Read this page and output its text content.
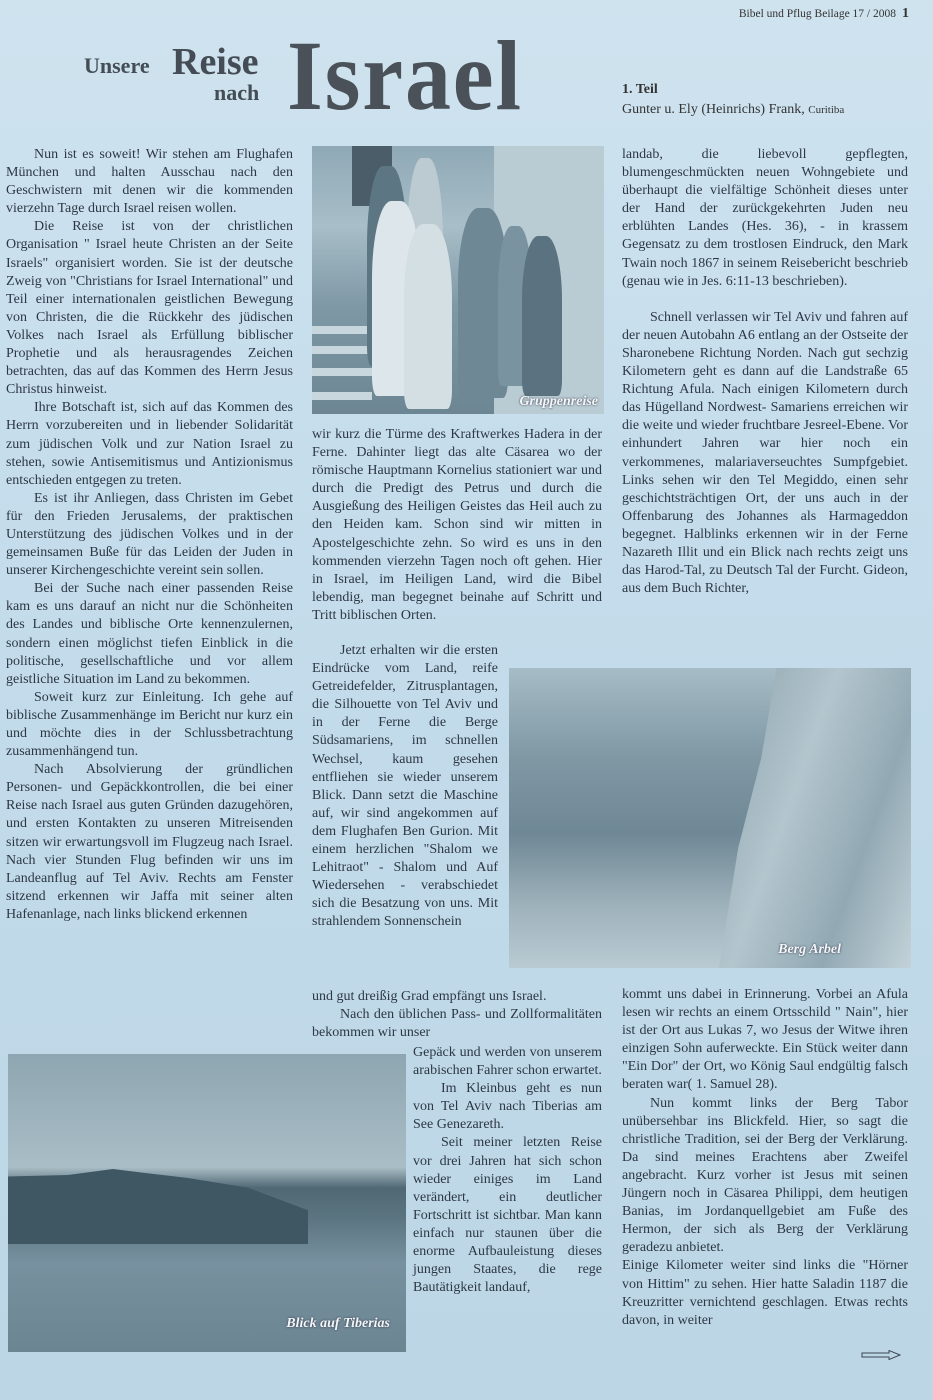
Bibel und Pflug Beilage 17 / 2008 1
Unsere Reise
nach Israel	1. Teil
Gunter u. Ely (Heinrichs) Frank, Curitiba

Nun ist es soweit! Wir stehen am Flughafen München und halten Ausschau nach den Geschwistern mit denen wir die kommenden vierzehn Tage durch Israel reisen wollen.

Die Reise ist von der christlichen Organisation " Israel heute Christen an der Seite Israels" organisiert worden. Sie ist der deutsche Zweig von "Christians for Israel International" und Teil einer internationalen geistlichen Bewegung von Christen, die die Rückkehr des jüdischen Volkes nach Israel als Erfüllung biblischer Prophetie und als herausragendes Zeichen betrachten, das auf das Kommen des Herrn Jesus Christus hinweist.

Ihre Botschaft ist, sich auf das Kommen des Herrn vorzubereiten und in liebender Solidarität zum jüdischen Volk und zur Nation Israel zu stehen, sowie Antisemitismus und Antizionismus entschieden entgegen zu treten.

Es ist ihr Anliegen, dass Christen im Gebet für den Frieden Jerusalems, der praktischen Unterstützung des jüdischen Volkes und in der gemeinsamen Buße für das Leiden der Juden in unserer Kirchengeschichte vereint sein sollen.

Bei der Suche nach einer passenden Reise kam es uns darauf an nicht nur die Schönheiten des Landes und biblische Orte kennenzulernen, sondern einen möglichst tiefen Einblick in die politische, gesellschaftliche und vor allem geistliche Situation im Land zu bekommen.

Soweit kurz zur Einleitung. Ich gehe auf biblische Zusammenhänge im Bericht nur kurz ein und möchte dies in der Schlussbetrachtung zusammenhängend tun.

Nach Absolvierung der gründlichen Personen- und Gepäckkontrollen, die bei einer Reise nach Israel aus guten Gründen dazugehören, und ersten Kontakten zu unseren Mitreisenden sitzen wir erwartungsvoll im Flugzeug nach Israel. Nach vier Stunden Flug befinden wir uns im Landeanflug auf Tel Aviv. Rechts am Fenster sitzend erkennen wir Jaffa mit seiner alten Hafenanlage, nach links blickend erkennen

Gruppenreise

wir kurz die Türme des Kraftwerkes Hadera in der Ferne. Dahinter liegt das alte Cäsarea wo der römische Hauptmann Kornelius stationiert war und durch die Predigt des Petrus und durch die Ausgießung des Heiligen Geistes das Heil auch zu den Heiden kam. Schon sind wir mitten in Apostelgeschichte zehn. So wird es uns in den kommenden vierzehn Tagen noch oft gehen. Hier in Israel, im Heiligen Land, wird die Bibel lebendig, man begegnet beinahe auf Schritt und Tritt biblischen Orten.

Jetzt erhalten wir die ersten Eindrücke vom Land, reife Getreidefelder, Zitrusplantagen, die Silhouette von Tel Aviv und in der Ferne die Berge Südsamariens, im schnellen Wechsel, kaum gesehen entfliehen sie wieder unserem Blick. Dann setzt die Maschine auf, wir sind angekommen auf dem Flughafen Ben Gurion. Mit einem herzlichen "Shalom we Lehitraot" - Shalom und Auf Wiedersehen - verabschiedet sich die Besatzung von uns. Mit strahlendem Sonnenschein

und gut dreißig Grad empfängt uns Israel.

Nach den üblichen Pass- und Zollformalitäten bekommen wir unser

Gepäck und werden von unserem arabischen Fahrer schon erwartet.

Im Kleinbus geht es nun von Tel Aviv nach Tiberias am See Genezareth.

Seit meiner letzten Reise vor drei Jahren hat sich schon wieder einiges im Land verändert, ein deutlicher Fortschritt ist sichtbar. Man kann einfach nur staunen über die enorme Aufbauleistung dieses jungen Staates, die rege Bautätigkeit landauf,

landab, die liebevoll gepflegten, blumengeschmückten neuen Wohngebiete und überhaupt die vielfältige Schönheit dieses unter der Hand der zurückgekehrten Juden neu erblühten Landes (Hes. 36), - in krassem Gegensatz zu dem trostlosen Eindruck, den Mark Twain noch 1867 in seinem Reisebericht beschrieb (genau wie in Jes. 6:11-13 beschrieben).

Schnell verlassen wir Tel Aviv und fahren auf der neuen Autobahn A6 entlang an der Ostseite der Sharonebene Richtung Norden. Nach gut sechzig Kilometern geht es dann auf die Landstraße 65 Richtung Afula. Nach einigen Kilometern durch das Hügelland Nordwest- Samariens erreichen wir die weite und wieder fruchtbare Jesreel-Ebene. Vor einhundert Jahren war hier noch ein verkommenes, malariaverseuchtes Sumpfgebiet. Links sehen wir den Tel Megiddo, einen sehr geschichtsträchtigen Ort, der uns auch in der Offenbarung des Johannes als Harmageddon begegnet. Halblinks erkennen wir in der Ferne Nazareth Illit und ein Blick nach rechts zeigt uns das Harod-Tal, zu Deutsch Tal der Furcht. Gideon, aus dem Buch Richter,

Berg Arbel

kommt uns dabei in Erinnerung. Vorbei an Afula lesen wir rechts an einem Ortsschild " Nain", hier ist der Ort aus Lukas 7, wo Jesus der Witwe ihren einzigen Sohn auferweckte. Ein Stück weiter dann "Ein Dor" der Ort, wo König Saul endgültig falsch beraten war( 1. Samuel 28).

Nun kommt links der Berg Tabor unübersehbar ins Blickfeld. Hier, so sagt die christliche Tradition, sei der Berg der Verklärung. Da sind meines Erachtens aber Zweifel angebracht. Kurz vorher ist Jesus mit seinen Jüngern noch in Cäsarea Philippi, dem heutigen Banias, im Jordanquellgebiet am Fuße des Hermon, der sich als Berg der Verklärung geradezu anbietet.

Einige Kilometer weiter sind links die "Hörner von Hittim" zu sehen. Hier hatte Saladin 1187 die Kreuzritter vernichtend geschlagen. Etwas rechts davon, in weiter

Blick auf Tiberias
